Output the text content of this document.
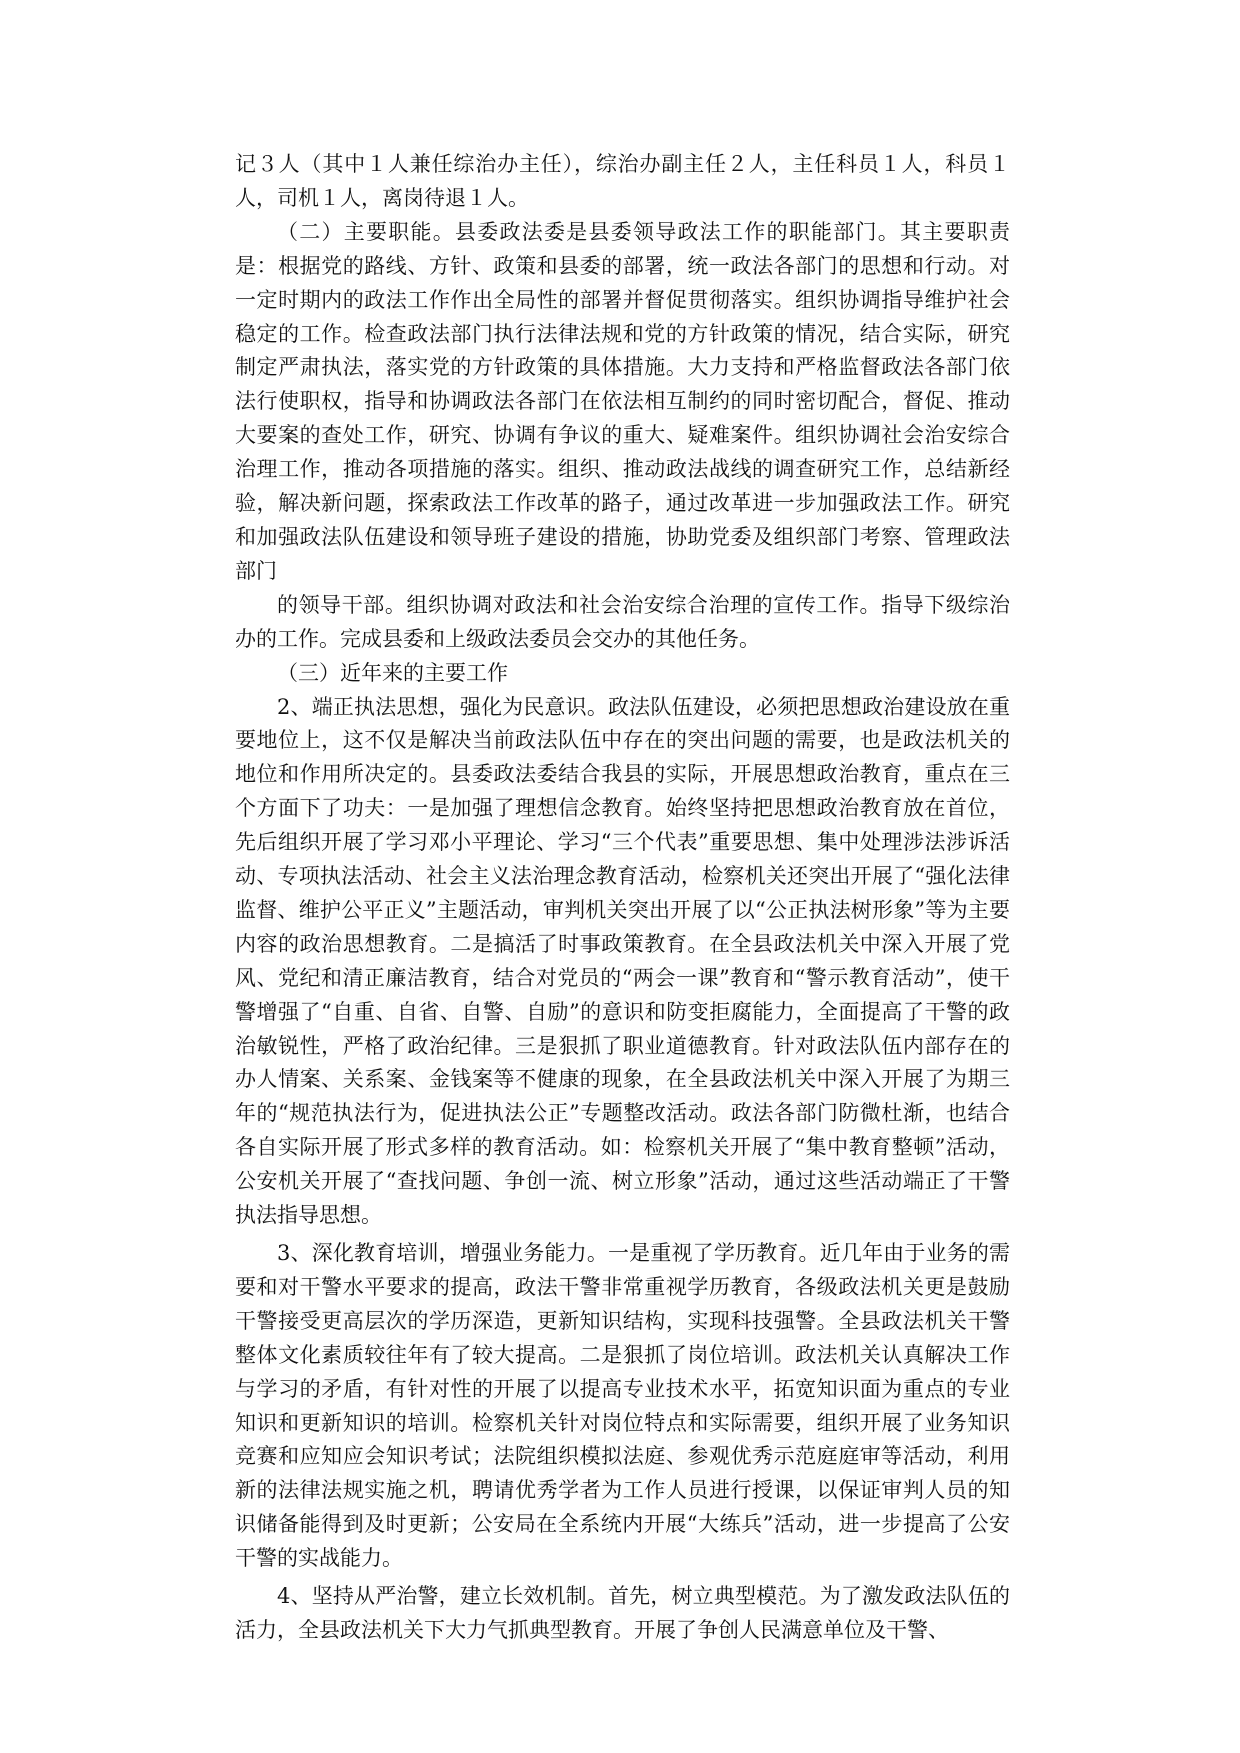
记３人（其中１人兼任综治办主任），综治办副主任２人，主任科员１人，科员１人，司机１人，离岗待退１人。

（二）主要职能。县委政法委是县委领导政法工作的职能部门。其主要职责是：根据党的路线、方针、政策和县委的部署，统一政法各部门的思想和行动。对一定时期内的政法工作作出全局性的部署并督促贯彻落实。组织协调指导维护社会稳定的工作。检查政法部门执行法律法规和党的方针政策的情况，结合实际，研究制定严肃执法，落实党的方针政策的具体措施。大力支持和严格监督政法各部门依法行使职权，指导和协调政法各部门在依法相互制约的同时密切配合，督促、推动大要案的查处工作，研究、协调有争议的重大、疑难案件。组织协调社会治安综合治理工作，推动各项措施的落实。组织、推动政法战线的调查研究工作，总结新经验，解决新问题，探索政法工作改革的路子，通过改革进一步加强政法工作。研究和加强政法队伍建设和领导班子建设的措施，协助党委及组织部门考察、管理政法部门

的领导干部。组织协调对政法和社会治安综合治理的宣传工作。指导下级综治办的工作。完成县委和上级政法委员会交办的其他任务。

（三）近年来的主要工作

2、端正执法思想，强化为民意识。政法队伍建设，必须把思想政治建设放在重要地位上，这不仅是解决当前政法队伍中存在的突出问题的需要，也是政法机关的地位和作用所决定的。县委政法委结合我县的实际，开展思想政治教育，重点在三个方面下了功夫：一是加强了理想信念教育。始终坚持把思想政治教育放在首位，先后组织开展了学习邓小平理论、学习“三个代表”重要思想、集中处理涉法涉诉活动、专项执法活动、社会主义法治理念教育活动，检察机关还突出开展了“强化法律监督、维护公平正义”主题活动，审判机关突出开展了以“公正执法树形象”等为主要内容的政治思想教育。二是搞活了时事政策教育。在全县政法机关中深入开展了党风、党纪和清正廉洁教育，结合对党员的“两会一课”教育和“警示教育活动”，使干警增强了“自重、自省、自警、自励”的意识和防变拒腐能力，全面提高了干警的政治敏锐性，严格了政治纪律。三是狠抓了职业道德教育。针对政法队伍内部存在的办人情案、关系案、金钱案等不健康的现象，在全县政法机关中深入开展了为期三年的“规范执法行为，促进执法公正”专题整改活动。政法各部门防微杜渐，也结合各自实际开展了形式多样的教育活动。如：检察机关开展了“集中教育整顿”活动，公安机关开展了“查找问题、争创一流、树立形象”活动，通过这些活动端正了干警执法指导思想。

3、深化教育培训，增强业务能力。一是重视了学历教育。近几年由于业务的需要和对干警水平要求的提高，政法干警非常重视学历教育，各级政法机关更是鼓励干警接受更高层次的学历深造，更新知识结构，实现科技强警。全县政法机关干警整体文化素质较往年有了较大提高。二是狠抓了岗位培训。政法机关认真解决工作与学习的矛盾，有针对性的开展了以提高专业技术水平，拓宽知识面为重点的专业知识和更新知识的培训。检察机关针对岗位特点和实际需要，组织开展了业务知识竞赛和应知应会知识考试；法院组织模拟法庭、参观优秀示范庭庭审等活动，利用新的法律法规实施之机，聘请优秀学者为工作人员进行授课，以保证审判人员的知识储备能得到及时更新；公安局在全系统内开展“大练兵”活动，进一步提高了公安干警的实战能力。

4、坚持从严治警，建立长效机制。首先，树立典型模范。为了激发政法队伍的活力，全县政法机关下大力气抓典型教育。开展了争创人民满意单位及干警、
